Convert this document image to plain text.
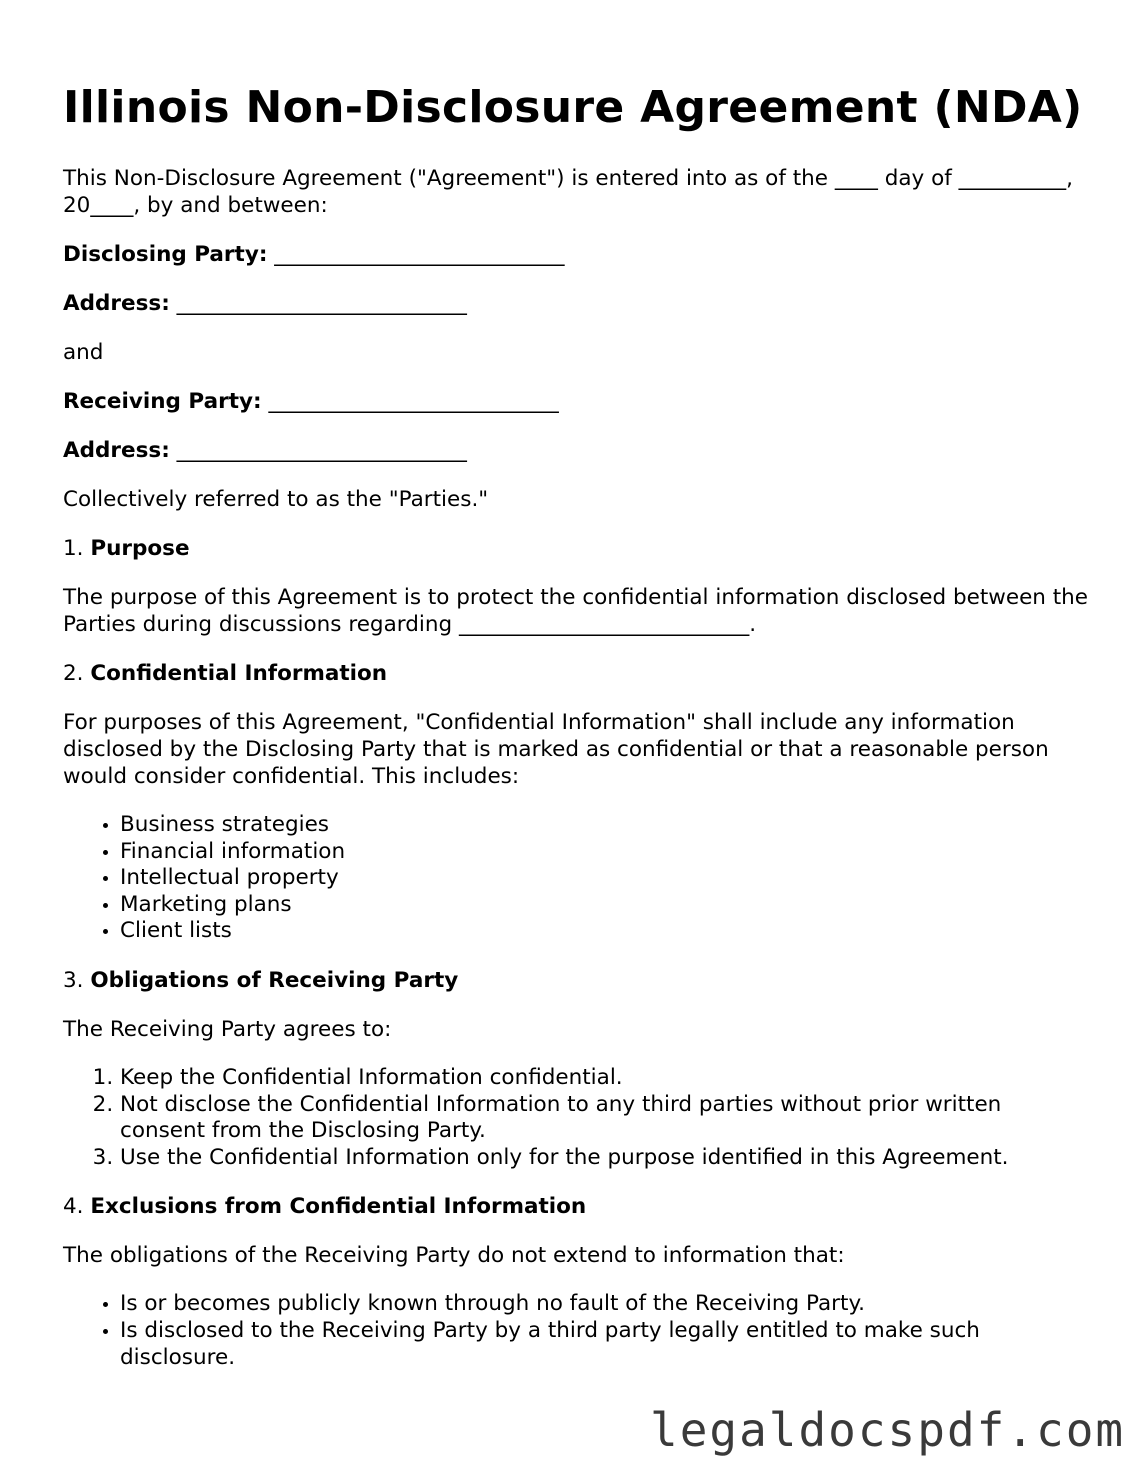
Illinois Non-Disclosure Agreement (NDA)

This Non-Disclosure Agreement ("Agreement") is entered into as of the ____ day of __________, 20____, by and between:

Disclosing Party: ___________________________

Address: ___________________________

and

Receiving Party: ___________________________

Address: ___________________________

Collectively referred to as the "Parties."

1. Purpose

The purpose of this Agreement is to protect the confidential information disclosed between the Parties during discussions regarding ___________________________.

2. Confidential Information

For purposes of this Agreement, "Confidential Information" shall include any information disclosed by the Disclosing Party that is marked as confidential or that a reasonable person would consider confidential. This includes:

• Business strategies
• Financial information
• Intellectual property
• Marketing plans
• Client lists

3. Obligations of Receiving Party

The Receiving Party agrees to:

1. Keep the Confidential Information confidential.
2. Not disclose the Confidential Information to any third parties without prior written consent from the Disclosing Party.
3. Use the Confidential Information only for the purpose identified in this Agreement.

4. Exclusions from Confidential Information

The obligations of the Receiving Party do not extend to information that:

• Is or becomes publicly known through no fault of the Receiving Party.
• Is disclosed to the Receiving Party by a third party legally entitled to make such disclosure.
legaldocspdf.com
